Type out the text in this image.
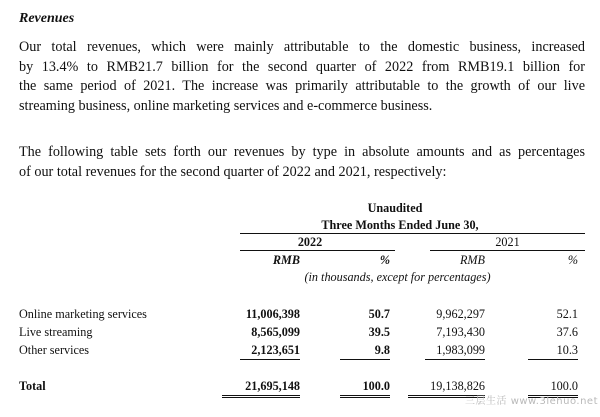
Revenues
Our total revenues, which were mainly attributable to the domestic business, increased
by 13.4% to RMB21.7 billion for the second quarter of 2022 from RMB19.1 billion for
the same period of 2021. The increase was primarily attributable to the growth of our live
streaming business, online marketing services and e-commerce business.
The following table sets forth our revenues by type in absolute amounts and as percentages
of our total revenues for the second quarter of 2022 and 2021, respectively:
Unaudited
Three Months Ended June 30,
2022	2021
RMB	%	RMB	%
(in thousands, except for percentages)
Online marketing services	11,006,398	50.7	9,962,297	52.1
Live streaming	8,565,099	39.5	7,193,430	37.6
Other services	2,123,651	9.8	1,983,099	10.3
Total	21,695,148	100.0	19,138,826	100.0
三层生活 www.3lehuo.net
